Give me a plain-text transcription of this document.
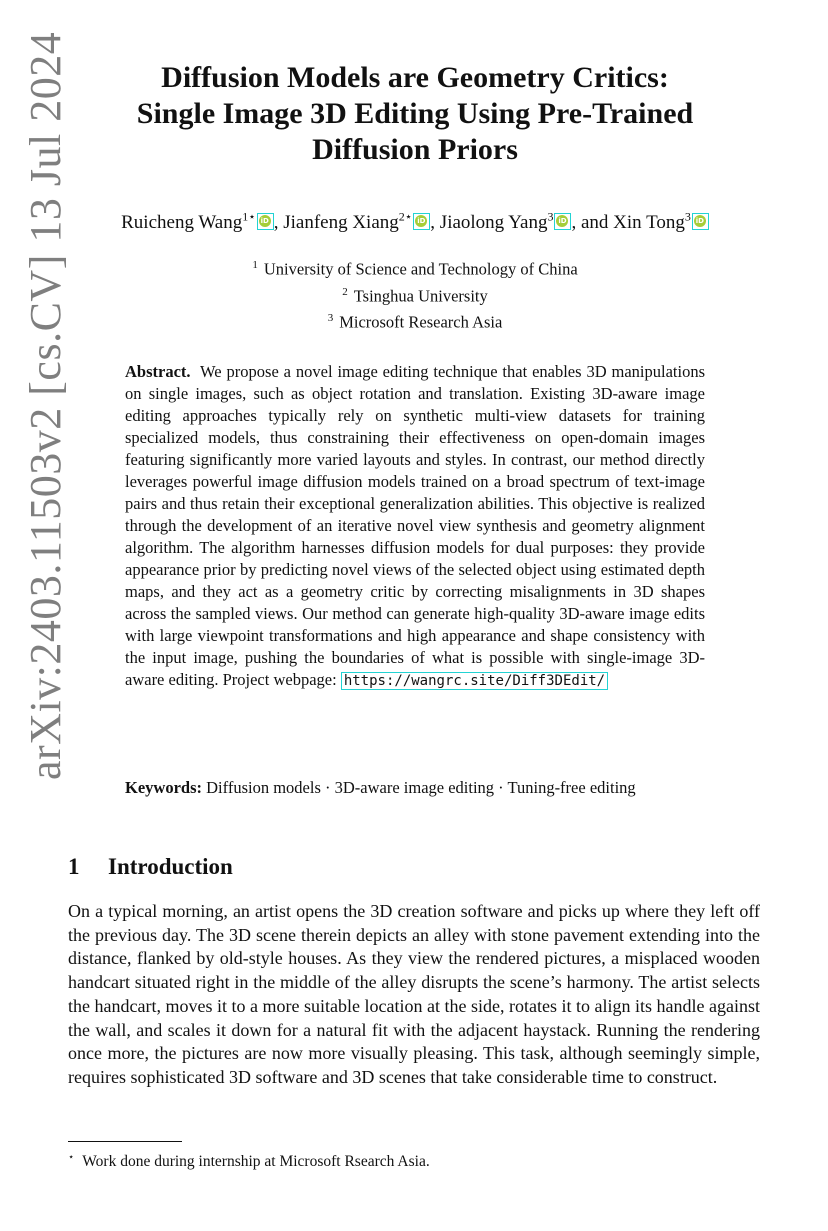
arXiv:2403.11503v2 [cs.CV] 13 Jul 2024	Diffusion Models are Geometry Critics:
Single Image 3D Editing Using Pre-Trained
Diffusion Priors
Ruicheng Wang$^{1⋆}$ iD , Jianfeng Xiang$^{2⋆}$ iD , Jiaolong Yang$^3$ iD , and Xin Tong$^3$iD
$^1$ University of Science and Technology of China
$^2$ Tsinghua University
$^3$ Microsoft Research Asia
Abstract. We propose a novel image editing technique that enables 3D manipulations on single images, such as object rotation and translation. Existing 3D-aware image editing approaches typically rely on synthetic multi-view datasets for training specialized models, thus constraining their effectiveness on open-domain images featuring significantly more varied layouts and styles. In contrast, our method directly leverages powerful image diffusion models trained on a broad spectrum of text-image pairs and thus retain their exceptional generalization abilities. This objective is realized through the development of an iterative novel view synthesis and geometry alignment algorithm. The algorithm harnesses diffusion models for dual purposes: they provide appearance prior by predicting novel views of the selected object using estimated depth maps, and they act as a geometry critic by correcting misalignments in 3D shapes across the sampled views. Our method can generate high-quality 3D-aware image edits with large viewpoint transformations and high appearance and shape consistency with the input image, pushing the boundaries of what is possible with single-image 3D-aware editing. Project webpage: https://wangrc.site/Diff3DEdit/
Keywords: Diffusion models · 3D-aware image editing · Tuning-free editing
1 Introduction
On a typical morning, an artist opens the 3D creation software and picks up where they left off the previous day. The 3D scene therein depicts an alley with stone pavement extending into the distance, flanked by old-style houses. As they view the rendered pictures, a misplaced wooden handcart situated right in the middle of the alley disrupts the scene’s harmony. The artist selects the handcart, moves it to a more suitable location at the side, rotates it to align its handle against the wall, and scales it down for a natural fit with the adjacent haystack. Running the rendering once more, the pictures are now more visually pleasing. This task, although seemingly simple, requires sophisticated 3D software and 3D scenes that take considerable time to construct.
⋆ Work done during internship at Microsoft Rsearch Asia.
